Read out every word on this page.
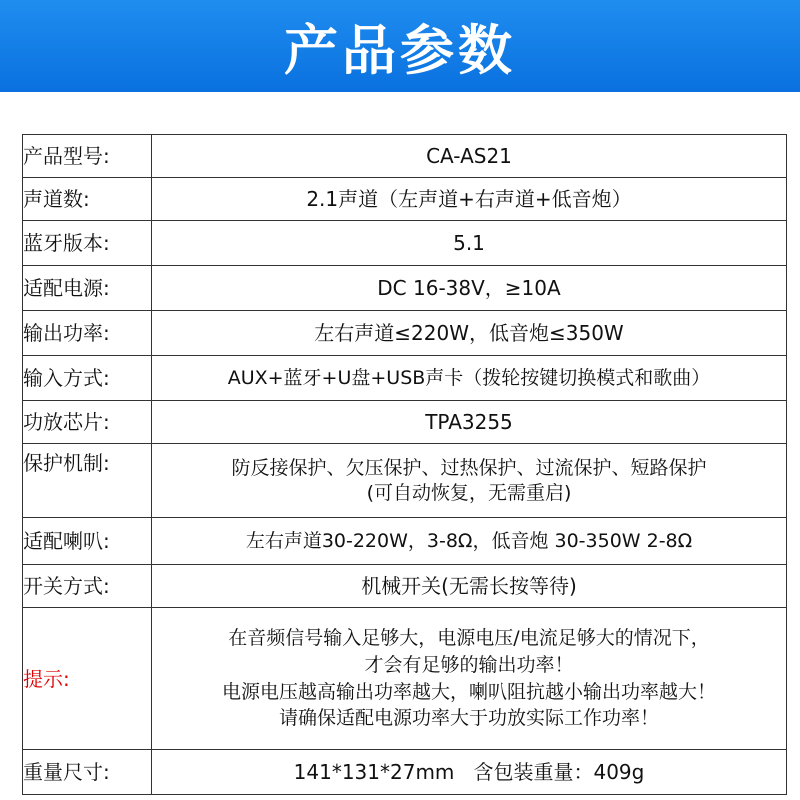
产品参数
产品型号:	CA-AS21

声道数:	2.1声道（左声道+右声道+低音炮）

蓝牙版本:	5.1

适配电源:	DC 16-38V，≥10A

输出功率:	左右声道≤220W，低音炮≤350W

输入方式:	AUX+蓝牙+U盘+USB声卡（拨轮按键切换模式和歌曲）

功放芯片:	TPA3255

保护机制:	防反接保护、欠压保护、过热保护、过流保护、短路保护
(可自动恢复，无需重启)

适配喇叭:	左右声道30-220W，3-8Ω，低音炮 30-350W 2-8Ω

开关方式:	机械开关(无需长按等待)

提示:	在音频信号输入足够大，电源电压/电流足够大的情况下，
才会有足够的输出功率！
电源电压越高输出功率越大，喇叭阻抗越小输出功率越大！
请确保适配电源功率大于功放实际工作功率！

重量尺寸:	141*131*27mm   含包装重量：409g
